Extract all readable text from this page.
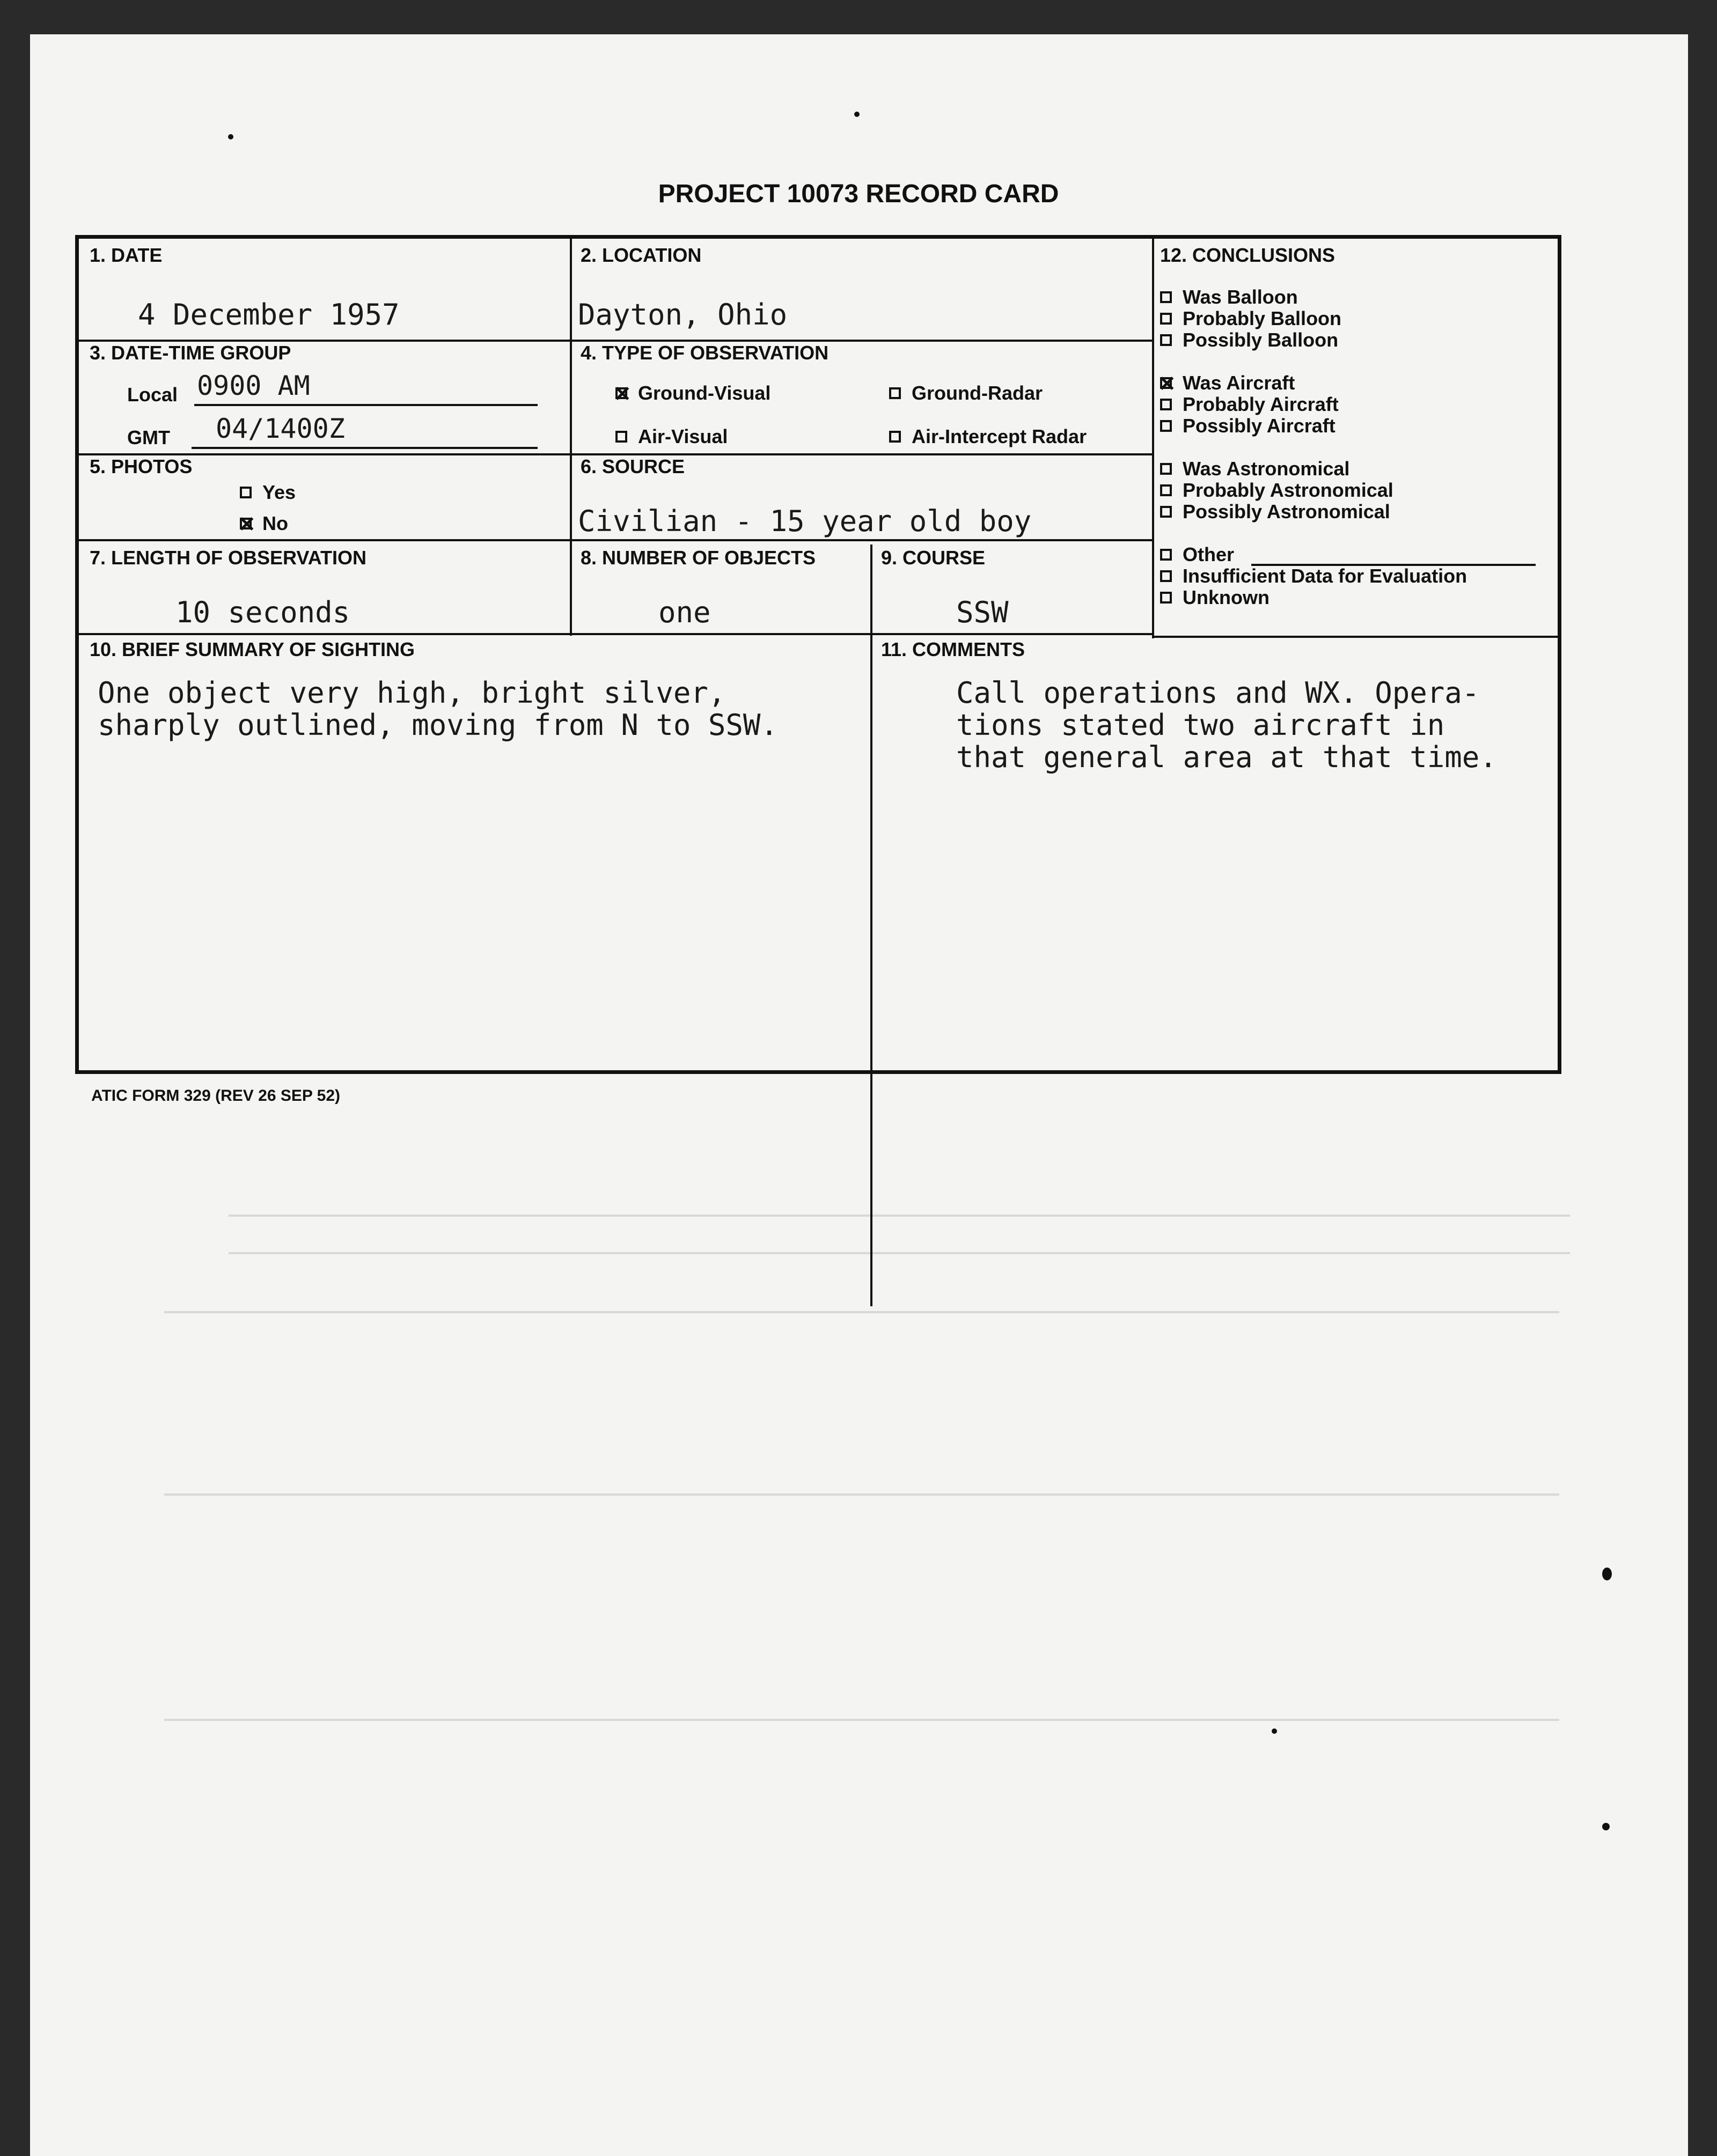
PROJECT 10073 RECORD CARD
1. DATE
4 December 1957
2. LOCATION
Dayton, Ohio
3. DATE-TIME GROUP
Local 0900 AM
GMT 04/1400Z
4. TYPE OF OBSERVATION
Ground-Visual	Ground-Radar
Air-Visual	Air-Intercept Radar
5. PHOTOS
Yes
No
6. SOURCE
Civilian - 15 year old boy
7. LENGTH OF OBSERVATION
10 seconds
8. NUMBER OF OBJECTS
one
9. COURSE
SSW
10. BRIEF SUMMARY OF SIGHTING
One object very high, bright silver,
sharply outlined, moving from N to SSW.
11. COMMENTS
Call operations and WX. Opera-
tions stated two aircraft in
that general area at that time.
12. CONCLUSIONS
Was Balloon
Probably Balloon
Possibly Balloon
Was Aircraft
Probably Aircraft
Possibly Aircraft
Was Astronomical
Probably Astronomical
Possibly Astronomical
Other
Insufficient Data for Evaluation
Unknown
ATIC FORM 329 (REV 26 SEP 52)
